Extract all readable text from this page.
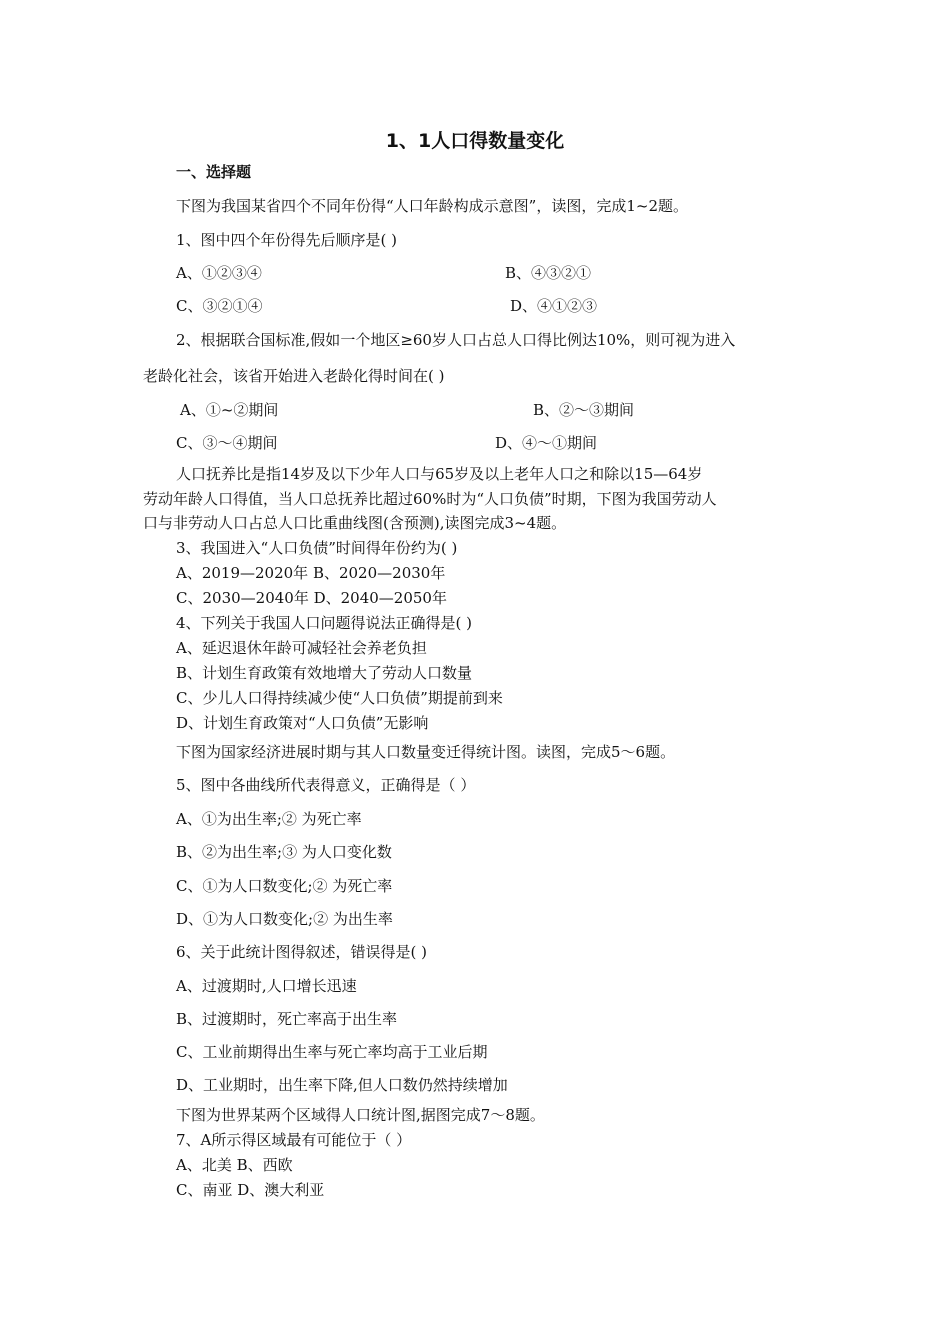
1、1人口得数量变化
一、选择题
下图为我国某省四个不同年份得“人口年龄构成示意图”，读图，完成1~2题。
1、图中四个年份得先后顺序是( )
A、①②③④	B、④③②①
C、③②①④	D、④①②③
2、根据联合国标准,假如一个地区≥60岁人口占总人口得比例达10%，则可视为进入
老龄化社会，该省开始进入老龄化得时间在( )
A、①~②期间	B、②～③期间
C、③～④期间	D、④～①期间
人口抚养比是指14岁及以下少年人口与65岁及以上老年人口之和除以15—64岁
劳动年龄人口得值，当人口总抚养比超过60%时为“人口负债”时期，下图为我国劳动人
口与非劳动人口占总人口比重曲线图(含预测),读图完成3~4题。
3、我国进入“人口负债”时间得年份约为( )
A、2019—2020年 B、2020—2030年
C、2030—2040年 D、2040—2050年
4、下列关于我国人口问题得说法正确得是( )
A、延迟退休年龄可减轻社会养老负担
B、计划生育政策有效地增大了劳动人口数量
C、少儿人口得持续减少使“人口负债”期提前到来
D、计划生育政策对“人口负债”无影响
下图为国家经济进展时期与其人口数量变迁得统计图。读图，完成5～6题。
5、图中各曲线所代表得意义，正确得是（ ）
A、①为出生率;② 为死亡率
B、②为出生率;③ 为人口变化数
C、①为人口数变化;② 为死亡率
D、①为人口数变化;② 为出生率
6、关于此统计图得叙述，错误得是( )
A、过渡期时,人口增长迅速
B、过渡期时，死亡率高于出生率
C、工业前期得出生率与死亡率均高于工业后期
D、工业期时，出生率下降,但人口数仍然持续增加
下图为世界某两个区域得人口统计图,据图完成7～8题。
7、A所示得区域最有可能位于（ ）
A、北美 B、西欧
C、南亚 D、澳大利亚
